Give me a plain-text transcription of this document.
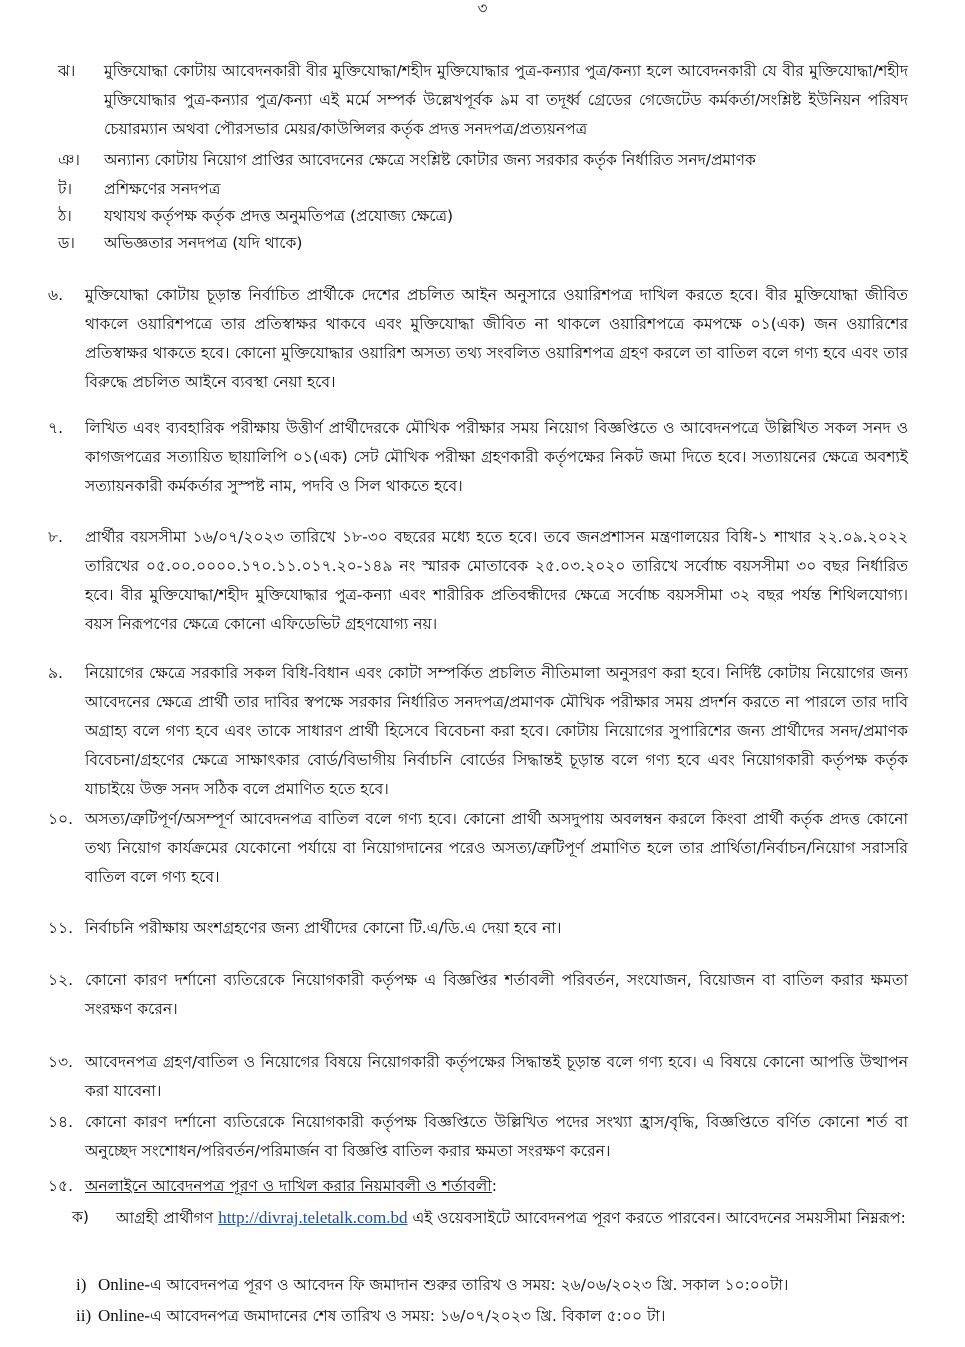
৩
ঝ।	মুক্তিযোদ্ধা কোটায় আবেদনকারী বীর মুক্তিযোদ্ধা/শহীদ মুক্তিযোদ্ধার পুত্র-কন্যার পুত্র/কন্যা হলে আবেদনকারী যে বীর মুক্তিযোদ্ধা/শহীদ মুক্তিযোদ্ধার পুত্র-কন্যার পুত্র/কন্যা এই মর্মে সম্পর্ক উল্লেখপূর্বক ৯ম বা তদূর্ধ্ব গ্রেডের গেজেটেড কর্মকর্তা/সংশ্লিষ্ট ইউনিয়ন পরিষদ চেয়ারম্যান অথবা পৌরসভার মেয়র/কাউন্সিলর কর্তৃক প্রদত্ত সনদপত্র/প্রত্যয়নপত্র
ঞ।	অন্যান্য কোটায় নিয়োগ প্রাপ্তির আবেদনের ক্ষেত্রে সংশ্লিষ্ট কোটার জন্য সরকার কর্তৃক নির্ধারিত সনদ/প্রমাণক
ট।	প্রশিক্ষণের সনদপত্র
ঠ।	যথাযথ কর্তৃপক্ষ কর্তৃক প্রদত্ত অনুমতিপত্র (প্রযোজ্য ক্ষেত্রে)
ড।	অভিজ্ঞতার সনদপত্র (যদি থাকে)
৬.	মুক্তিযোদ্ধা কোটায় চূড়ান্ত নির্বাচিত প্রার্থীকে দেশের প্রচলিত আইন অনুসারে ওয়ারিশপত্র দাখিল করতে হবে। বীর মুক্তিযোদ্ধা জীবিত থাকলে ওয়ারিশপত্রে তার প্রতিস্বাক্ষর থাকবে এবং মুক্তিযোদ্ধা জীবিত না থাকলে ওয়ারিশপত্রে কমপক্ষে ০১(এক) জন ওয়ারিশের প্রতিস্বাক্ষর থাকতে হবে। কোনো মুক্তিযোদ্ধার ওয়ারিশ অসত্য তথ্য সংবলিত ওয়ারিশপত্র গ্রহণ করলে তা বাতিল বলে গণ্য হবে এবং তার বিরুদ্ধে প্রচলিত আইনে ব্যবস্থা নেয়া হবে।
৭.	লিখিত এবং ব্যবহারিক পরীক্ষায় উত্তীর্ণ প্রার্থীদেরকে মৌখিক পরীক্ষার সময় নিয়োগ বিজ্ঞপ্তিতে ও আবেদনপত্রে উল্লিখিত সকল সনদ ও কাগজপত্রের সত্যায়িত ছায়ালিপি ০১(এক) সেট মৌখিক পরীক্ষা গ্রহণকারী কর্তৃপক্ষের নিকট জমা দিতে হবে। সত্যায়নের ক্ষেত্রে অবশ্যই সত্যায়নকারী কর্মকর্তার সুস্পষ্ট নাম, পদবি ও সিল থাকতে হবে।
৮.	প্রার্থীর বয়সসীমা ১৬/০৭/২০২৩ তারিখে ১৮-৩০ বছরের মধ্যে হতে হবে। তবে জনপ্রশাসন মন্ত্রণালয়ের বিধি-১ শাখার ২২.০৯.২০২২ তারিখের ০৫.০০.০০০০.১৭০.১১.০১৭.২০-১৪৯ নং স্মারক মোতাবেক ২৫.০৩.২০২০ তারিখে সর্বোচ্চ বয়সসীমা ৩০ বছর নির্ধারিত হবে। বীর মুক্তিযোদ্ধা/শহীদ মুক্তিযোদ্ধার পুত্র-কন্যা এবং শারীরিক প্রতিবন্ধীদের ক্ষেত্রে সর্বোচ্চ বয়সসীমা ৩২ বছর পর্যন্ত শিথিলযোগ্য। বয়স নিরূপণের ক্ষেত্রে কোনো এফিডেভিট গ্রহণযোগ্য নয়।
৯.	নিয়োগের ক্ষেত্রে সরকারি সকল বিধি-বিধান এবং কোটা সম্পর্কিত প্রচলিত নীতিমালা অনুসরণ করা হবে। নির্দিষ্ট কোটায় নিয়োগের জন্য আবেদনের ক্ষেত্রে প্রার্থী তার দাবির স্বপক্ষে সরকার নির্ধারিত সনদপত্র/প্রমাণক মৌখিক পরীক্ষার সময় প্রদর্শন করতে না পারলে তার দাবি অগ্রাহ্য বলে গণ্য হবে এবং তাকে সাধারণ প্রার্থী হিসেবে বিবেচনা করা হবে। কোটায় নিয়োগের সুপারিশের জন্য প্রার্থীদের সনদ/প্রমাণক বিবেচনা/গ্রহণের ক্ষেত্রে সাক্ষাৎকার বোর্ড/বিভাগীয় নির্বাচনি বোর্ডের সিদ্ধান্তই চূড়ান্ত বলে গণ্য হবে এবং নিয়োগকারী কর্তৃপক্ষ কর্তৃক যাচাইয়ে উক্ত সনদ সঠিক বলে প্রমাণিত হতে হবে।
১০. অসত্য/ত্রুটিপূর্ণ/অসম্পূর্ণ আবেদনপত্র বাতিল বলে গণ্য হবে। কোনো প্রার্থী অসদুপায় অবলম্বন করলে কিংবা প্রার্থী কর্তৃক প্রদত্ত কোনো তথ্য নিয়োগ কার্যক্রমের যেকোনো পর্যায়ে বা নিয়োগদানের পরেও অসত্য/ত্রুটিপূর্ণ প্রমাণিত হলে তার প্রার্থিতা/নির্বাচন/নিয়োগ সরাসরি বাতিল বলে গণ্য হবে।
১১. নির্বাচনি পরীক্ষায় অংশগ্রহণের জন্য প্রার্থীদের কোনো টি.এ/ডি.এ দেয়া হবে না।
১২. কোনো কারণ দর্শানো ব্যতিরেকে নিয়োগকারী কর্তৃপক্ষ এ বিজ্ঞপ্তির শর্তাবলী পরিবর্তন, সংযোজন, বিয়োজন বা বাতিল করার ক্ষমতা সংরক্ষণ করেন।
১৩. আবেদনপত্র গ্রহণ/বাতিল ও নিয়োগের বিষয়ে নিয়োগকারী কর্তৃপক্ষের সিদ্ধান্তই চূড়ান্ত বলে গণ্য হবে। এ বিষয়ে কোনো আপত্তি উত্থাপন করা যাবেনা।
১৪. কোনো কারণ দর্শানো ব্যতিরেকে নিয়োগকারী কর্তৃপক্ষ বিজ্ঞপ্তিতে উল্লিখিত পদের সংখ্যা হ্রাস/বৃদ্ধি, বিজ্ঞপ্তিতে বর্ণিত কোনো শর্ত বা অনুচ্ছেদ সংশোধন/পরিবর্তন/পরিমার্জন বা বিজ্ঞপ্তি বাতিল করার ক্ষমতা সংরক্ষণ করেন।
১৫. অনলাইনে আবেদনপত্র পূরণ ও দাখিল করার নিয়মাবলী ও শর্তাবলী:
ক)	আগ্রহী প্রার্থীগণ http://divraj.teletalk.com.bd এই ওয়েবসাইটে আবেদনপত্র পূরণ করতে পারবেন। আবেদনের সময়সীমা নিম্নরূপ:
i) Online-এ আবেদনপত্র পূরণ ও আবেদন ফি জমাদান শুরুর তারিখ ও সময়: ২৬/০৬/২০২৩ খ্রি. সকাল ১০:০০টা।
ii) Online-এ আবেদনপত্র জমাদানের শেষ তারিখ ও সময়: ১৬/০৭/২০২৩ খ্রি. বিকাল ৫:০০ টা।
